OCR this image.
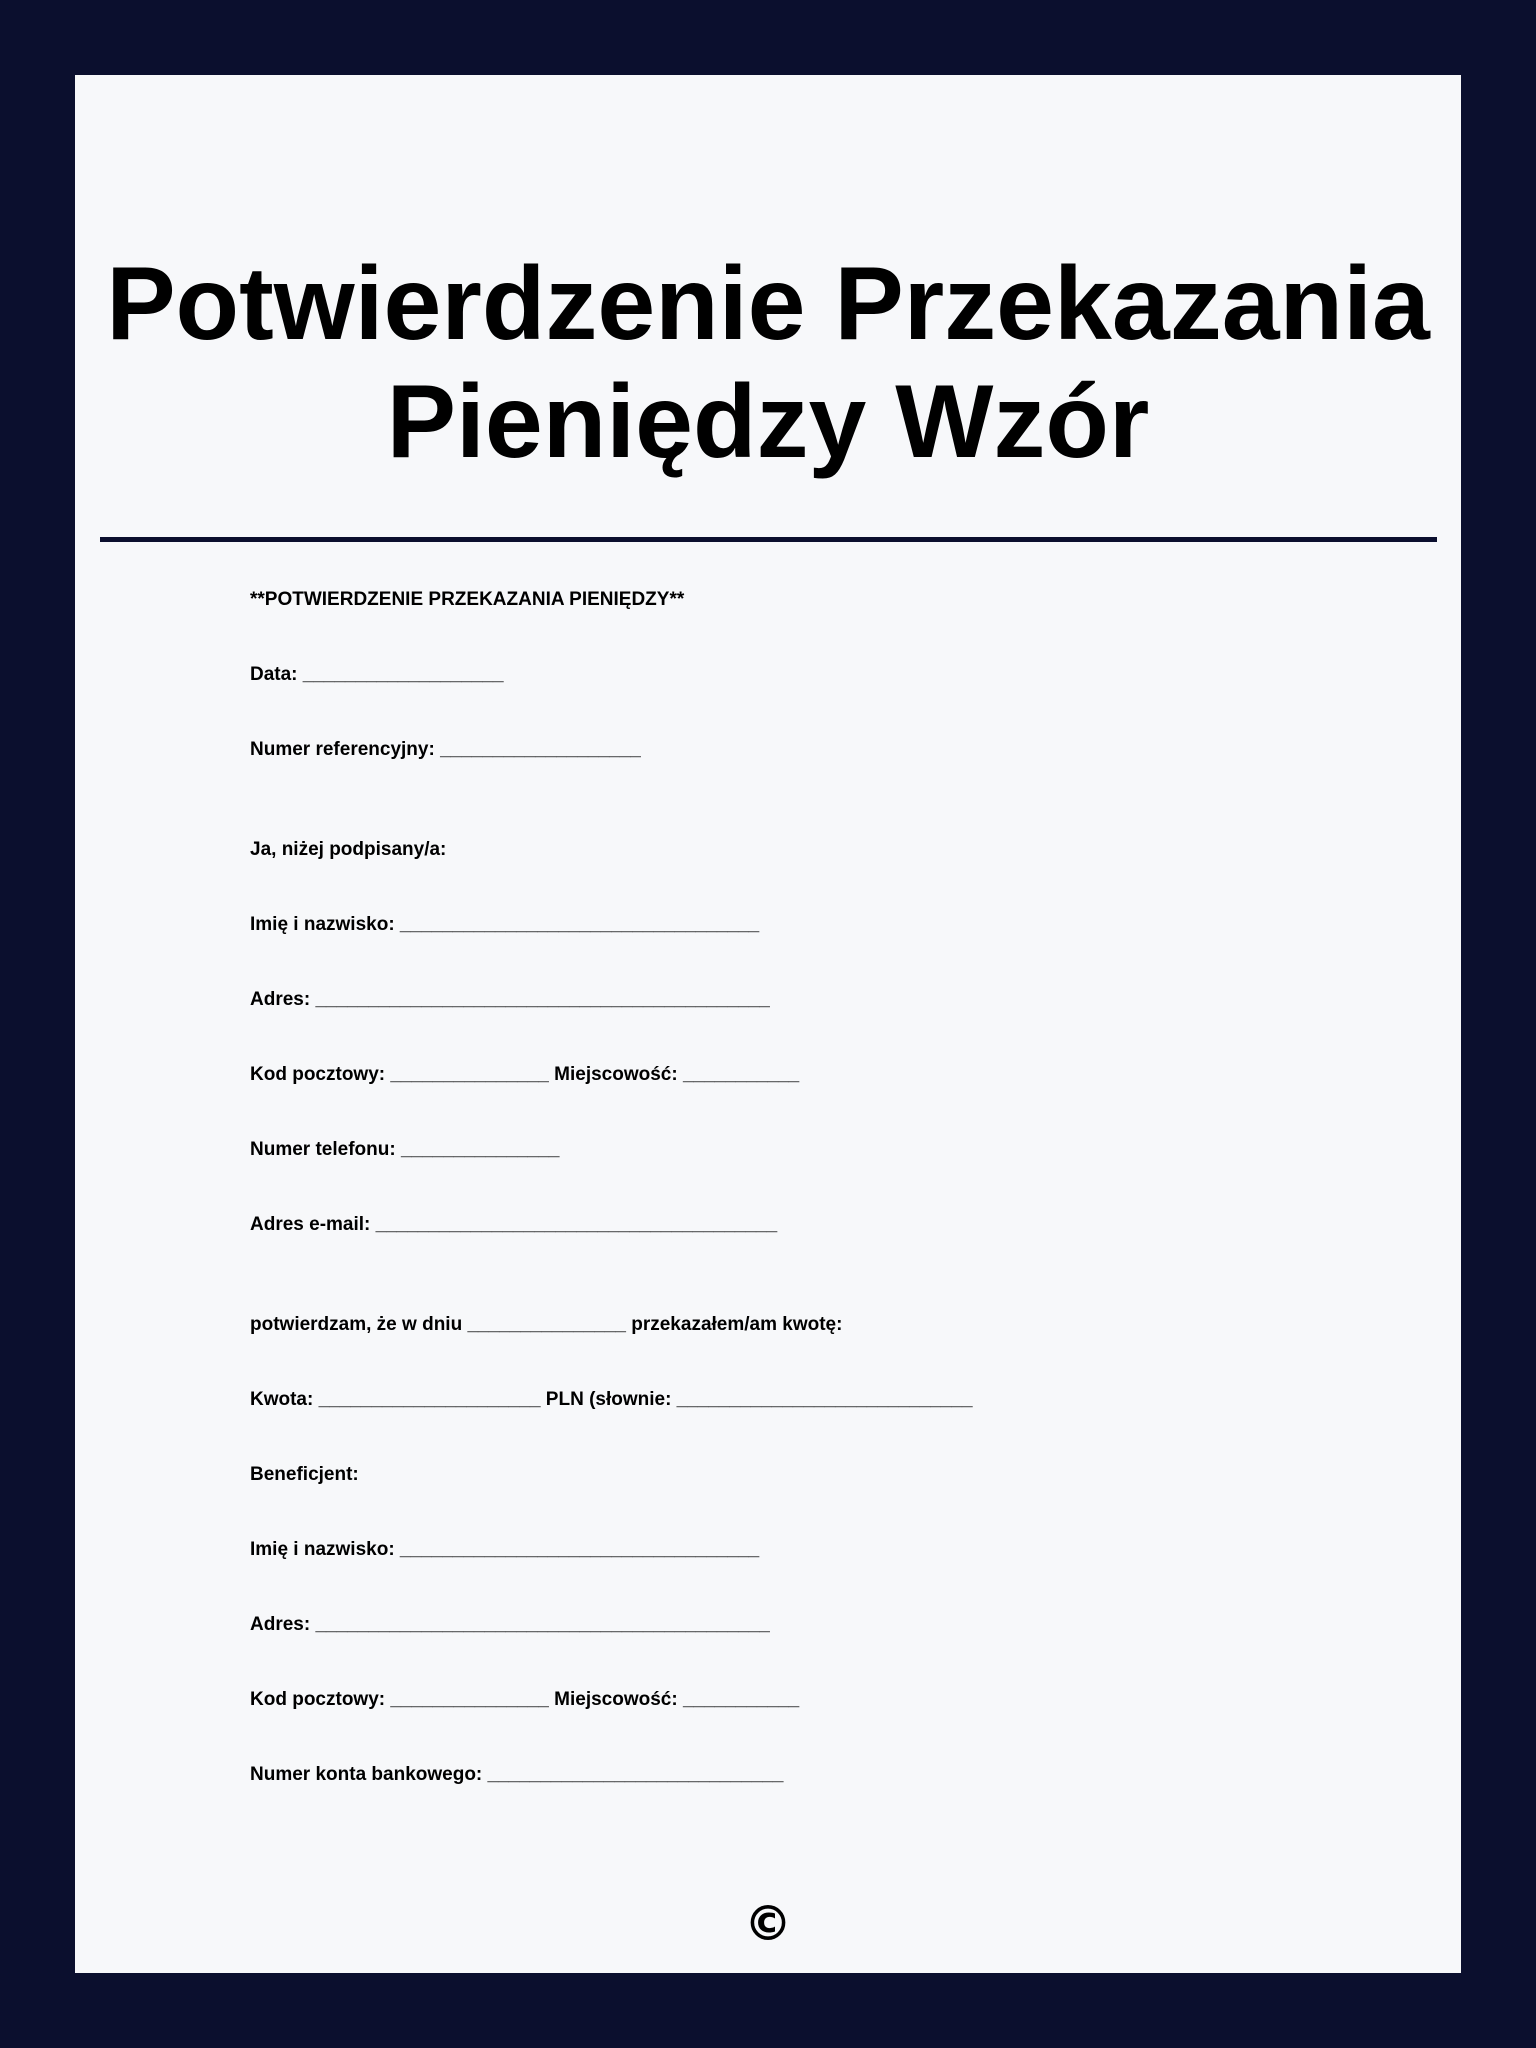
Potwierdzenie Przekazania
Pieniędzy Wzór

**POTWIERDZENIE PRZEKAZANIA PIENIĘDZY**

Data: ___________________

Numer referencyjny: ___________________

Ja, niżej podpisany/a:

Imię i nazwisko: __________________________________

Adres: ___________________________________________

Kod pocztowy: _______________ Miejscowość: ___________

Numer telefonu: _______________

Adres e-mail: ______________________________________

potwierdzam, że w dniu _______________ przekazałem/am kwotę:

Kwota: _____________________ PLN (słownie: ____________________________

Beneficjent:

Imię i nazwisko: __________________________________

Adres: ___________________________________________

Kod pocztowy: _______________ Miejscowość: ___________

Numer konta bankowego: ____________________________

©
